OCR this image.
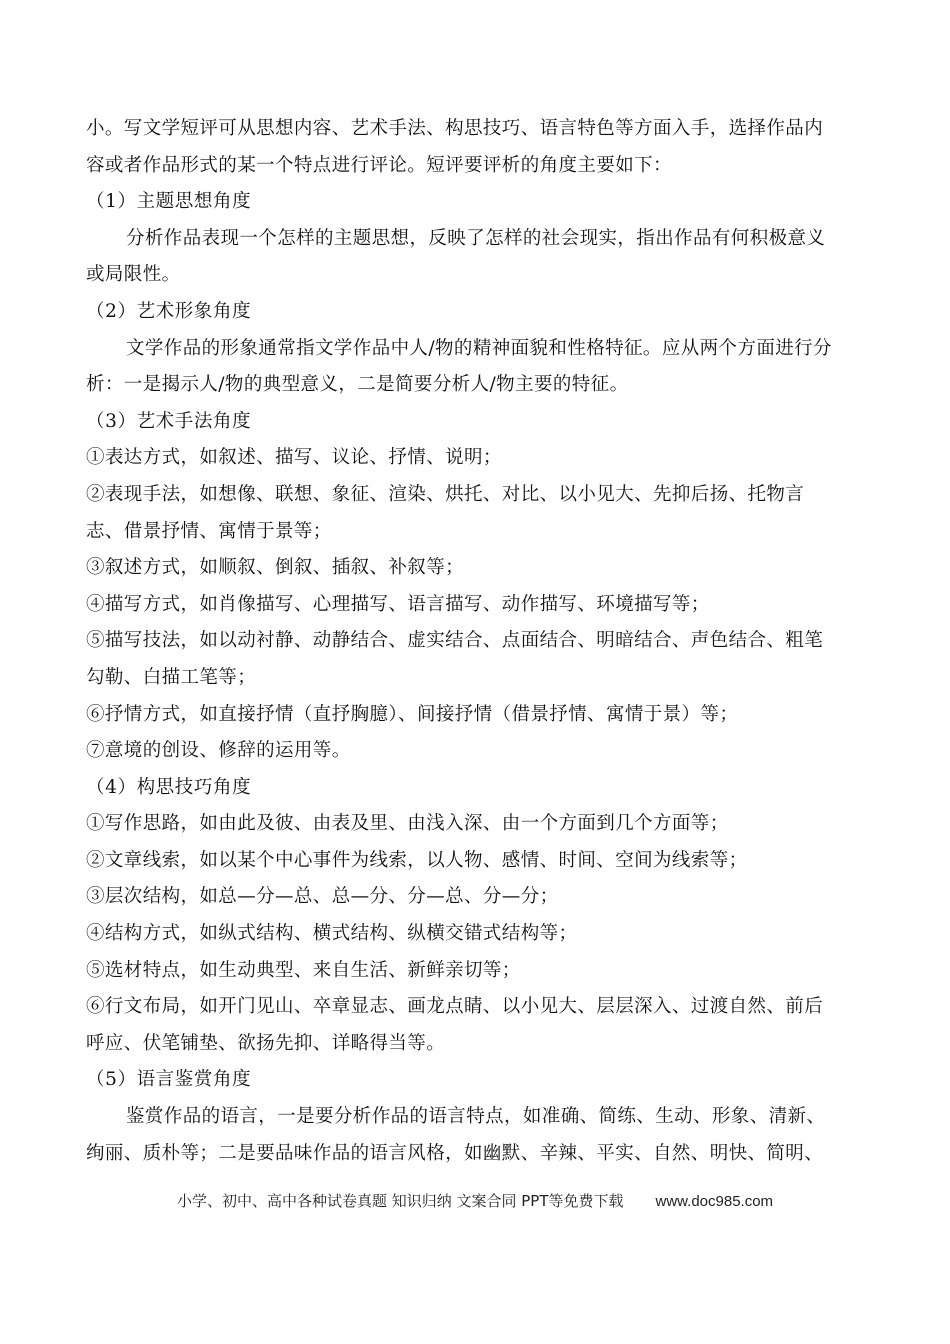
小。写文学短评可从思想内容、艺术手法、构思技巧、语言特色等方面入手，选择作品内
容或者作品形式的某一个特点进行评论。短评要评析的角度主要如下：
（1）主题思想角度
分析作品表现一个怎样的主题思想，反映了怎样的社会现实，指出作品有何积极意义
或局限性。
（2）艺术形象角度
文学作品的形象通常指文学作品中人/物的精神面貌和性格特征。应从两个方面进行分
析：一是揭示人/物的典型意义，二是简要分析人/物主要的特征。
（3）艺术手法角度
①表达方式，如叙述、描写、议论、抒情、说明；
②表现手法，如想像、联想、象征、渲染、烘托、对比、以小见大、先抑后扬、托物言
志、借景抒情、寓情于景等；
③叙述方式，如顺叙、倒叙、插叙、补叙等；
④描写方式，如肖像描写、心理描写、语言描写、动作描写、环境描写等；
⑤描写技法，如以动衬静、动静结合、虚实结合、点面结合、明暗结合、声色结合、粗笔
勾勒、白描工笔等；
⑥抒情方式，如直接抒情（直抒胸臆）、间接抒情（借景抒情、寓情于景）等；
⑦意境的创设、修辞的运用等。
（4）构思技巧角度
①写作思路，如由此及彼、由表及里、由浅入深、由一个方面到几个方面等；
②文章线索，如以某个中心事件为线索，以人物、感情、时间、空间为线索等；
③层次结构，如总—分—总、总—分、分—总、分—分；
④结构方式，如纵式结构、横式结构、纵横交错式结构等；
⑤选材特点，如生动典型、来自生活、新鲜亲切等；
⑥行文布局，如开门见山、卒章显志、画龙点睛、以小见大、层层深入、过渡自然、前后
呼应、伏笔铺垫、欲扬先抑、详略得当等。
（5）语言鉴赏角度
鉴赏作品的语言，一是要分析作品的语言特点，如准确、简练、生动、形象、清新、
绚丽、质朴等；二是要品味作品的语言风格，如幽默、辛辣、平实、自然、明快、简明、
小学、初中、高中各种试卷真题 知识归纳 文案合同 PPT等免费下载 www.doc985.com
